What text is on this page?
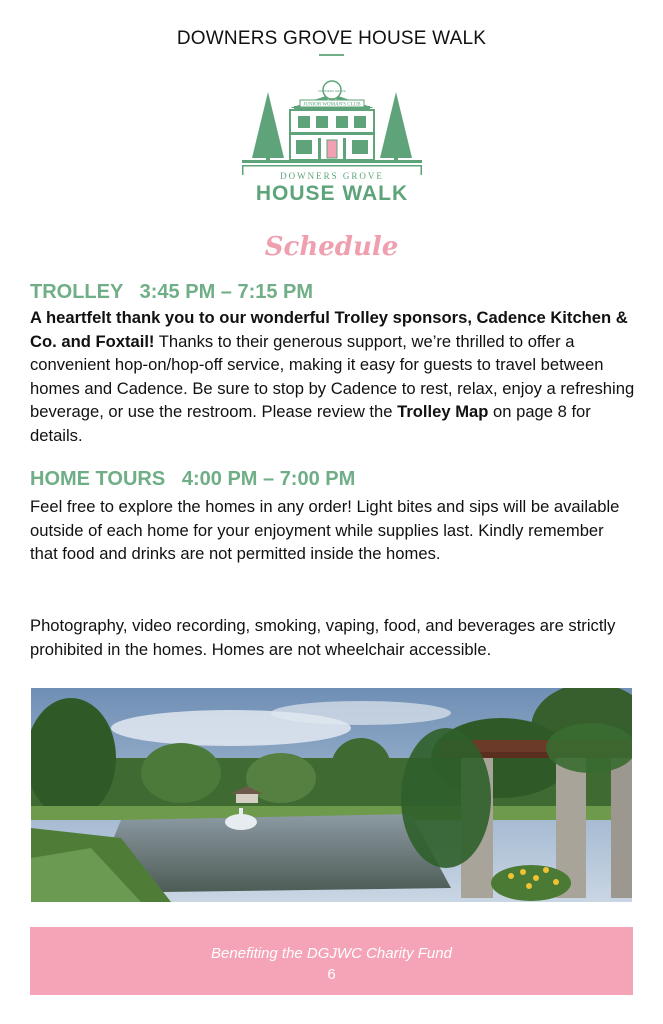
DOWNERS GROVE HOUSE WALK
DOWNERS GROVE
JUNIOR WOMAN'S CLUB
DOWNERS GROVE
HOUSE WALK
Schedule
TROLLEY   3:45 PM – 7:15 PM
A heartfelt thank you to our wonderful Trolley sponsors, Cadence Kitchen & Co. and Foxtail! Thanks to their generous support, we’re thrilled to offer a convenient hop-on/hop-off service, making it easy for guests to travel between homes and Cadence. Be sure to stop by Cadence to rest, relax, enjoy a refreshing beverage, or use the restroom. Please review the Trolley Map on page 8 for details.
HOME TOURS   4:00 PM – 7:00 PM
Feel free to explore the homes in any order! Light bites and sips will be available outside of each home for your enjoyment while supplies last. Kindly remember that food and drinks are not permitted inside the homes.
Photography, video recording, smoking, vaping, food, and beverages are strictly prohibited in the homes. Homes are not wheelchair accessible.
Benefiting the DGJWC Charity Fund
6
